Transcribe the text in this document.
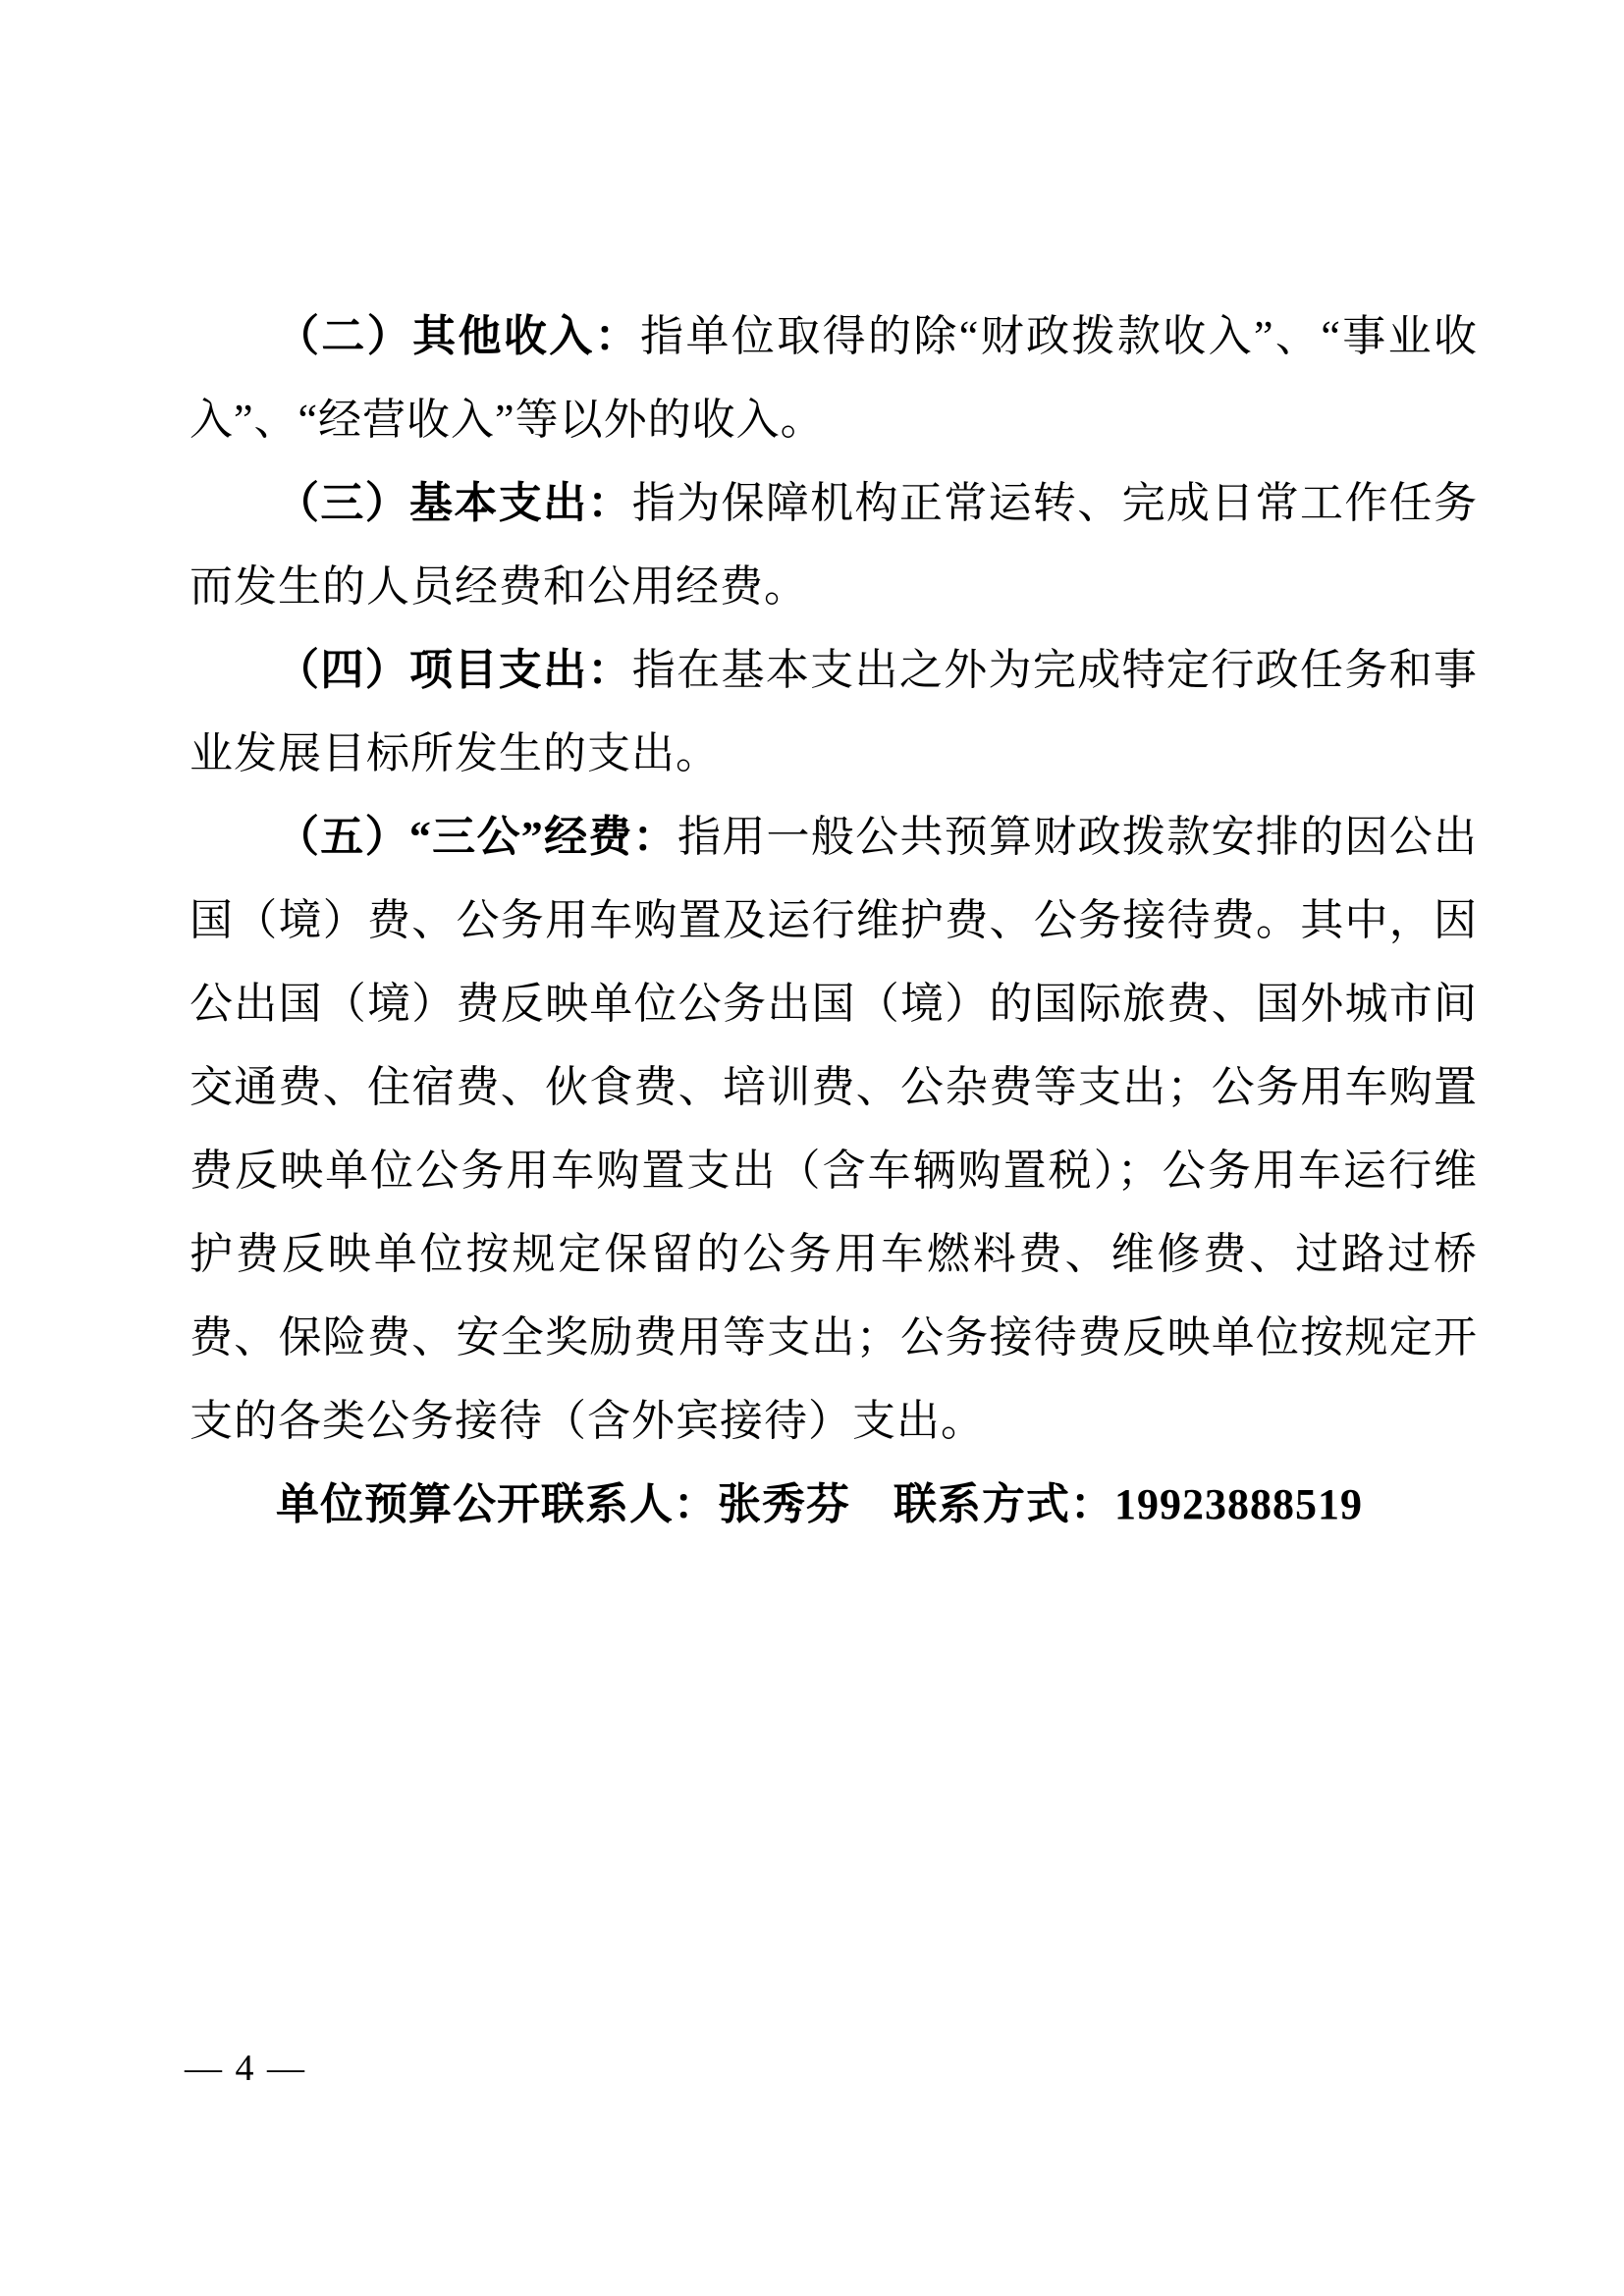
（二）其他收入：指单位取得的除“财政拨款收入”、“事业收入”、“经营收入”等以外的收入。

（三）基本支出：指为保障机构正常运转、完成日常工作任务而发生的人员经费和公用经费。

（四）项目支出：指在基本支出之外为完成特定行政任务和事业发展目标所发生的支出。

（五）“三公”经费：指用一般公共预算财政拨款安排的因公出国（境）费、公务用车购置及运行维护费、公务接待费。其中，因公出国（境）费反映单位公务出国（境）的国际旅费、国外城市间交通费、住宿费、伙食费、培训费、公杂费等支出；公务用车购置费反映单位公务用车购置支出（含车辆购置税）；公务用车运行维护费反映单位按规定保留的公务用车燃料费、维修费、过路过桥费、保险费、安全奖励费用等支出；公务接待费反映单位按规定开支的各类公务接待（含外宾接待）支出。

单位预算公开联系人：张秀芬 联系方式：19923888519

— 4 —
